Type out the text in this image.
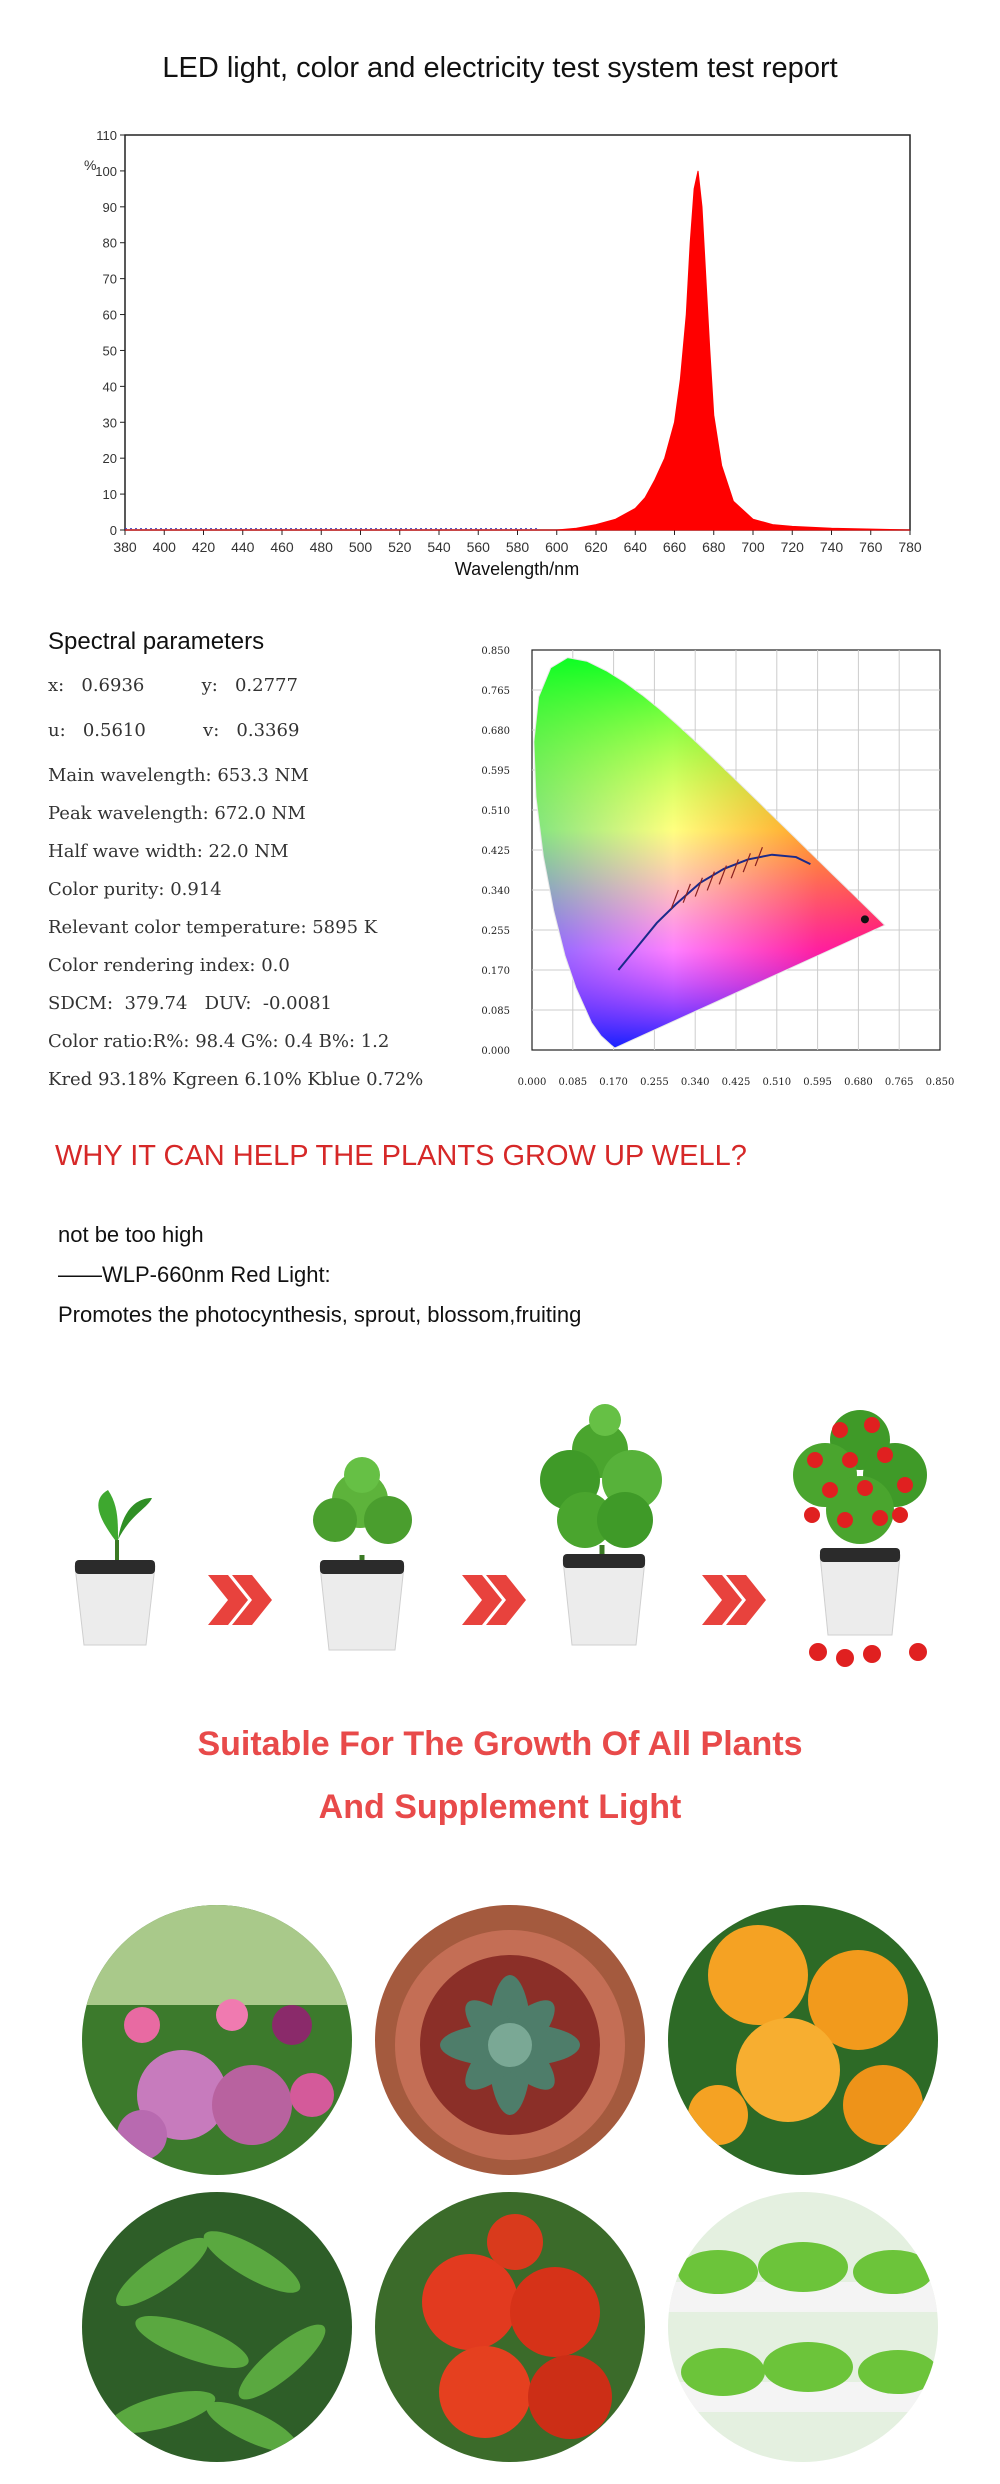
LED light, color and electricity test system test report
380 400 420 440 460 480 500 520 540 560 580 600 620 640 660 680 700 720 740 760 780
0
10
20
30
40
50
60
70
80
90
100
110
%
Wavelength/nm
Spectral parameters
x:   0.6936          y:   0.2777
u:   0.5610          v:   0.3369
Main wavelength: 653.3 NM
Peak wavelength: 672.0 NM
Half wave width: 22.0 NM
Color purity: 0.914
Relevant color temperature: 5895 K
Color rendering index: 0.0
SDCM:  379.74   DUV:  -0.0081
Color ratio:R%: 98.4 G%: 0.4 B%: 1.2
Kred 93.18% Kgreen 6.10% Kblue 0.72%	0.000 0.085 0.170 0.255 0.340 0.425 0.510 0.595 0.680 0.765 0.850
0.850
0.765
0.680
0.595
0.510
0.425
0.340
0.255
0.170
0.085
0.000
WHY IT CAN HELP THE PLANTS GROW UP WELL?
not be too high
——WLP-660nm Red Light:
Promotes the photocynthesis, sprout, blossom,fruiting
Suitable For The Growth Of All Plants
And Supplement Light
